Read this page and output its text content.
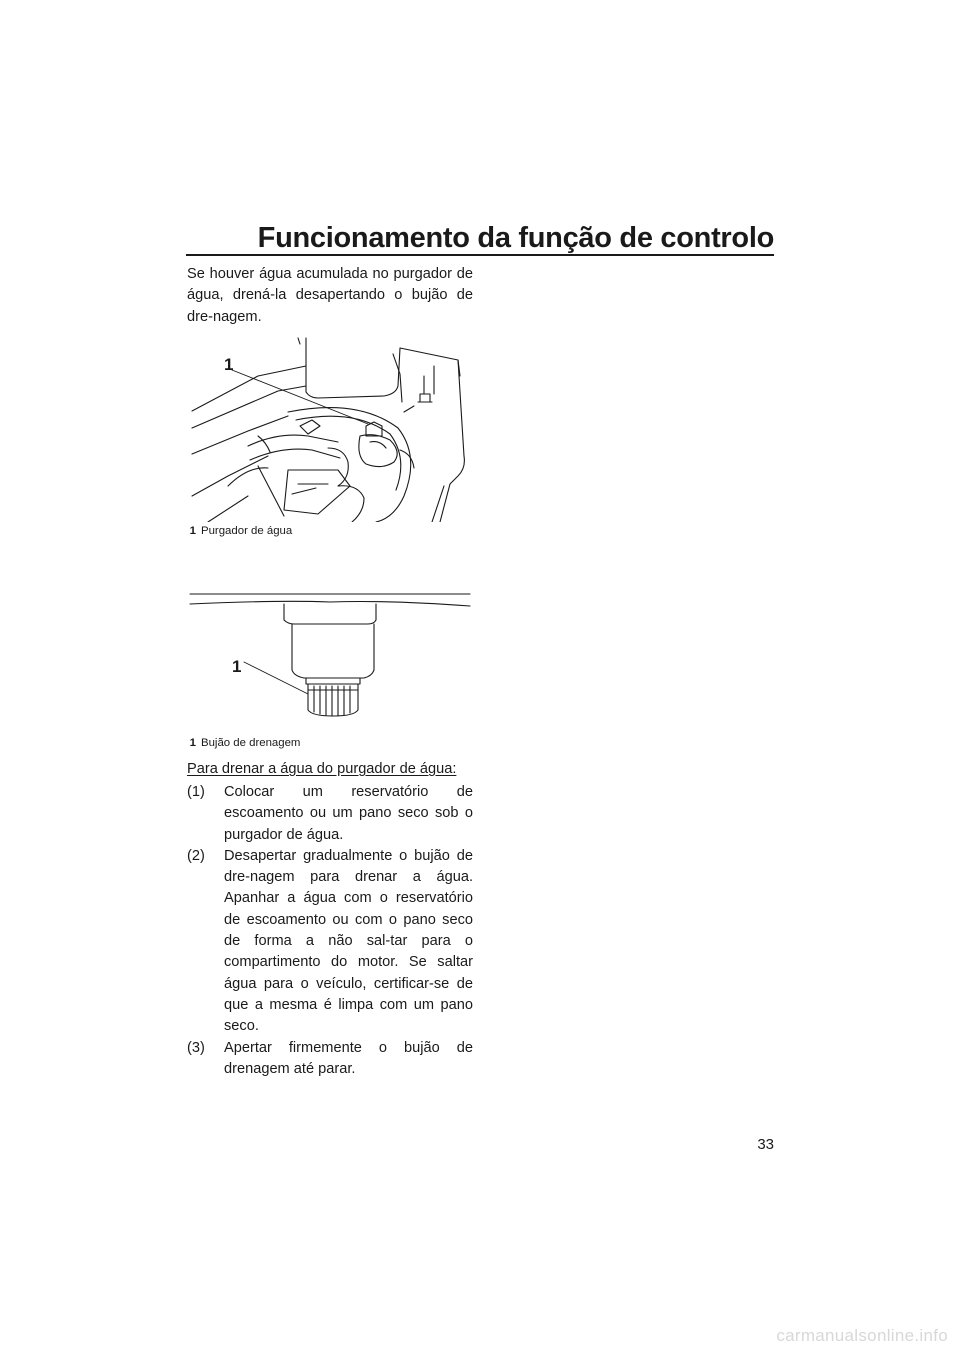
Funcionamento da função de controlo
Se houver água acumulada no purgador de água, drená-la desapertando o bujão de dre-nagem.
1
1 Purgador de água
1
1 Bujão de drenagem
Para drenar a água do purgador de água:
(1)	Colocar um reservatório de escoamento ou um pano seco sob o purgador de água.
(2)	Desapertar gradualmente o bujão de dre-nagem para drenar a água. Apanhar a água com o reservatório de escoamento ou com o pano seco de forma a não sal-tar para o compartimento do motor. Se saltar água para o veículo, certificar-se de que a mesma é limpa com um pano seco.
(3)	Apertar firmemente o bujão de drenagem até parar.
33
carmanualsonline.info
